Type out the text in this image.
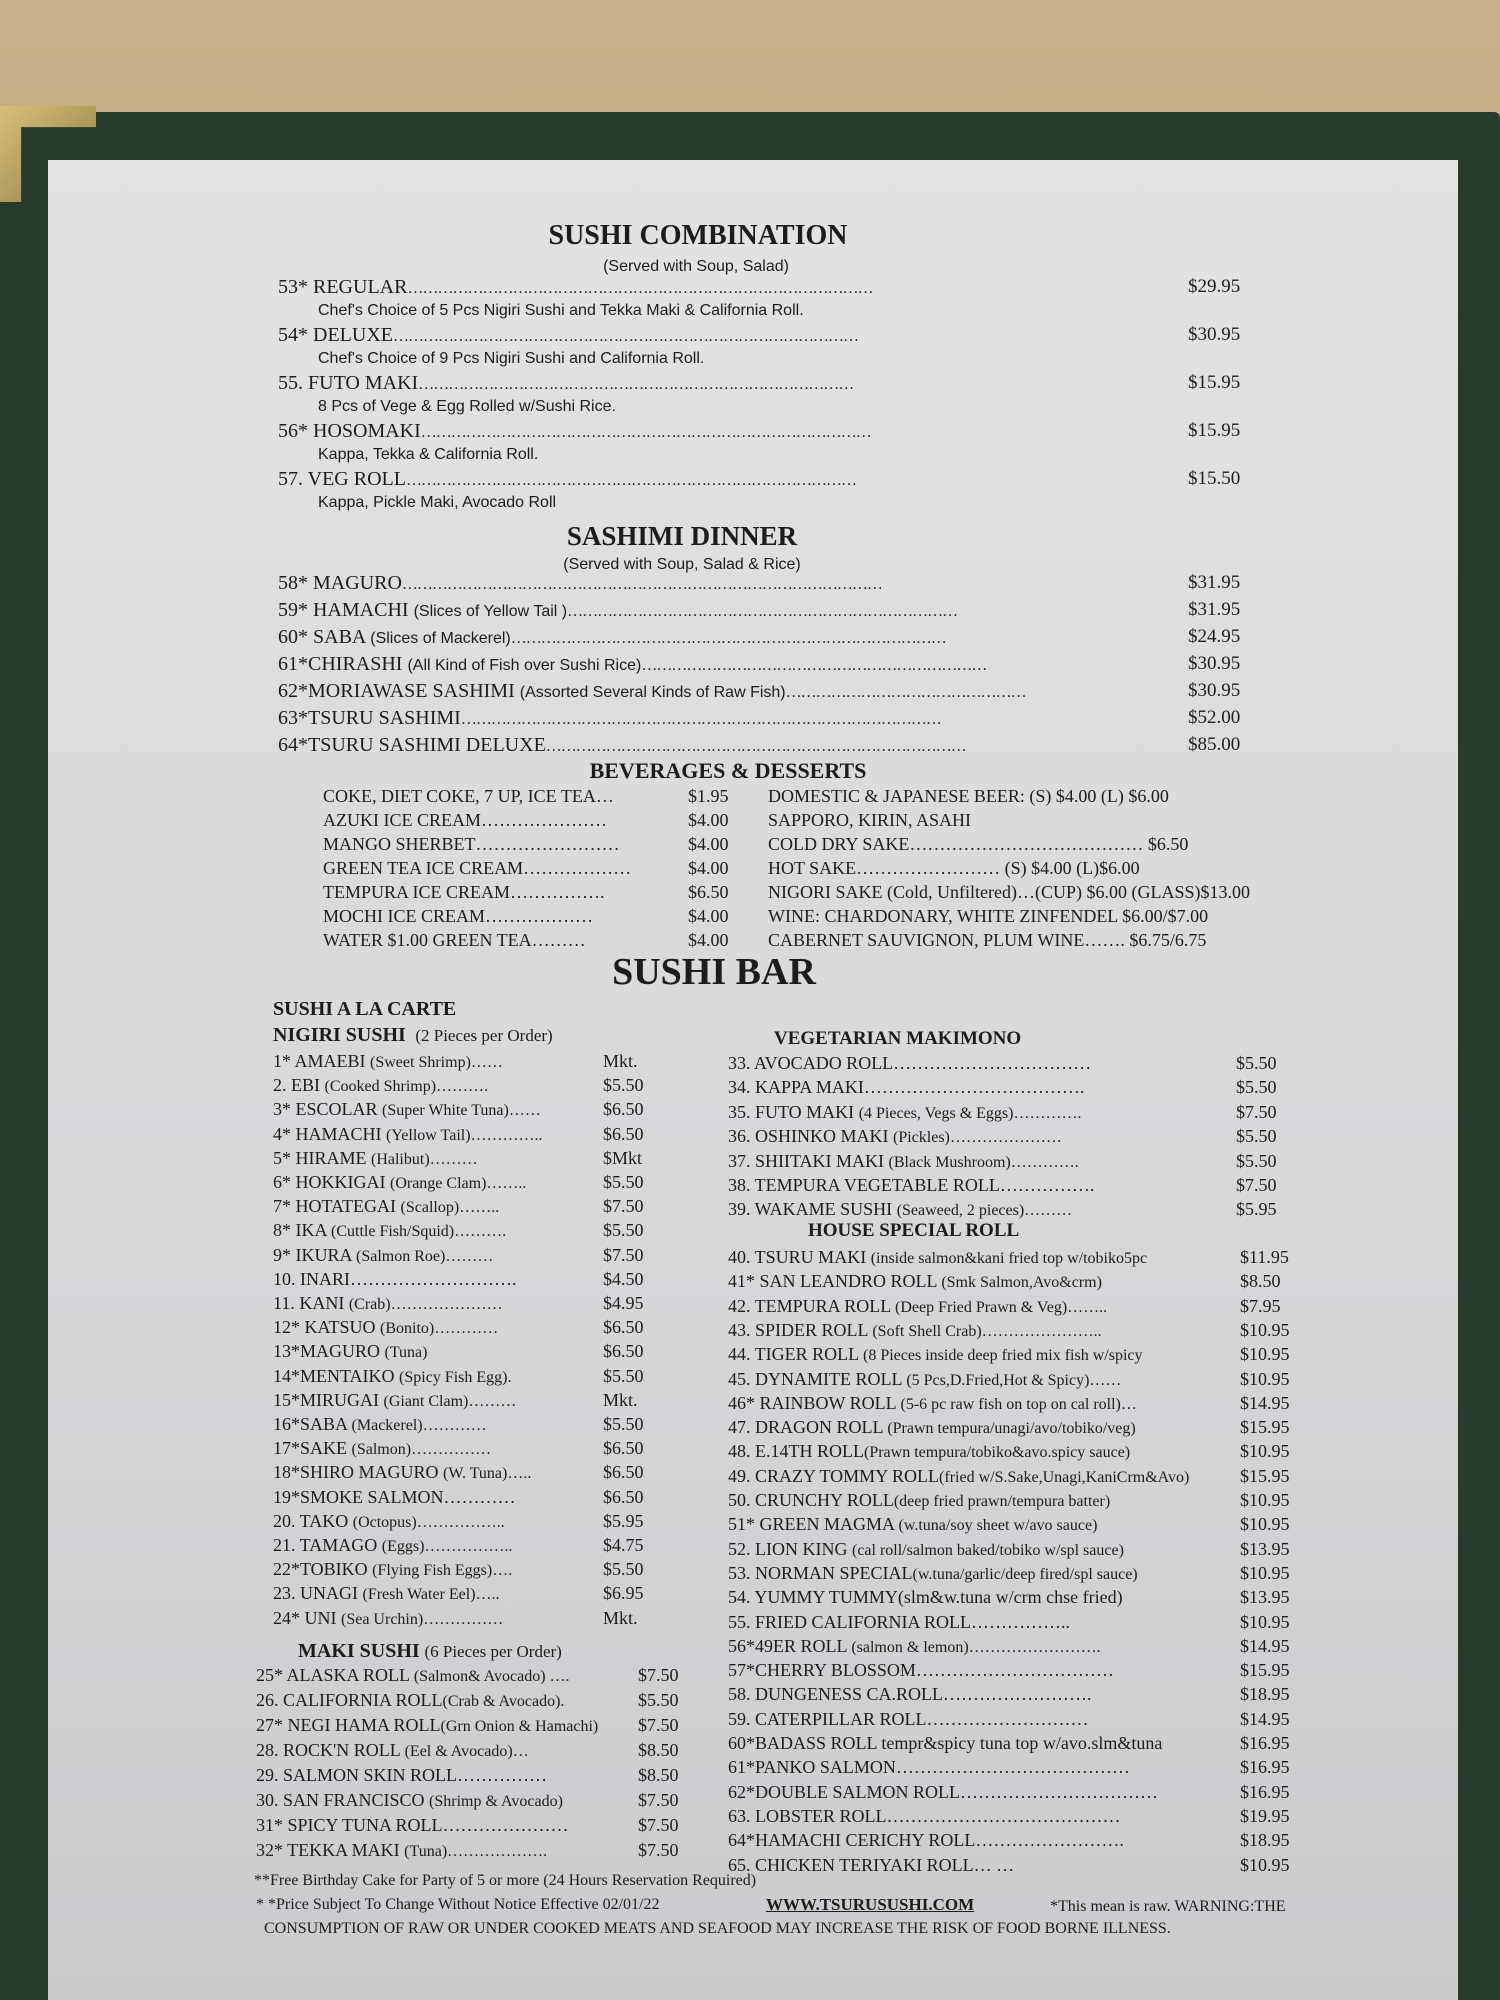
SUSHI COMBINATION
(Served with Soup, Salad)
53* REGULAR…………………………………………………………………………………	$29.95
Chef's Choice of 5 Pcs Nigiri Sushi and Tekka Maki & California Roll.
54* DELUXE…………………………………………………………………………………	$30.95
Chef's Choice of 9 Pcs Nigiri Sushi and California Roll.
55. FUTO MAKI……………………………………………………………………………	$15.95
8 Pcs of Vege & Egg Rolled w/Sushi Rice.
56* HOSOMAKI………………………………………………………………………………	$15.95
Kappa, Tekka & California Roll.
57. VEG ROLL………………………………………………………………………………	$15.50
Kappa, Pickle Maki, Avocado Roll
SASHIMI DINNER
(Served with Soup, Salad & Rice)
58* MAGURO……………………………………………………………………………………	$31.95
59* HAMACHI (Slices of Yellow Tail )……………………………………………………………………	$31.95
60* SABA (Slices of Mackerel)……………………………………………………………………………	$24.95
61*CHIRASHI (All Kind of Fish over Sushi Rice)……………………………………………………………	$30.95
62*MORIAWASE SASHIMI (Assorted Several Kinds of Raw Fish)…………………………………………	$30.95
63*TSURU SASHIMI……………………………………………………………………………………	$52.00
64*TSURU SASHIMI DELUXE…………………………………………………………………………	$85.00
BEVERAGES & DESSERTS
COKE, DIET COKE, 7 UP, ICE TEA…	$1.95
AZUKI ICE CREAM…………………	$4.00
MANGO SHERBET……………………	$4.00
GREEN TEA ICE CREAM………………	$4.00
TEMPURA ICE CREAM…………….	$6.50
MOCHI ICE CREAM………………	$4.00
WATER $1.00 GREEN TEA………	$4.00
DOMESTIC & JAPANESE BEER: (S) $4.00 (L) $6.00
SAPPORO, KIRIN, ASAHI
COLD DRY SAKE………………………………… $6.50
HOT SAKE…………………… (S) $4.00 (L)$6.00
NIGORI SAKE (Cold, Unfiltered)…(CUP) $6.00 (GLASS)$13.00
WINE: CHARDONARY, WHITE ZINFENDEL $6.00/$7.00
CABERNET SAUVIGNON, PLUM WINE……. $6.75/6.75
SUSHI BAR
SUSHI A LA CARTE
NIGIRI SUSHI (2 Pieces per Order)
1* AMAEBI (Sweet Shrimp)……	Mkt.
2. EBI (Cooked Shrimp)……….	$5.50
3* ESCOLAR (Super White Tuna)……	$6.50
4* HAMACHI (Yellow Tail)…………..	$6.50
5* HIRAME (Halibut)………	$Mkt
6* HOKKIGAI (Orange Clam)……..	$5.50
7* HOTATEGAI (Scallop)……..	$7.50
8* IKA (Cuttle Fish/Squid)……….	$5.50
9* IKURA (Salmon Roe)………	$7.50
10. INARI……………………….	$4.50
11. KANI (Crab)…………………	$4.95
12* KATSUO (Bonito)…………	$6.50
13*MAGURO (Tuna)	$6.50
14*MENTAIKO (Spicy Fish Egg).	$5.50
15*MIRUGAI (Giant Clam)………	Mkt.
16*SABA (Mackerel)…………	$5.50
17*SAKE (Salmon)……………	$6.50
18*SHIRO MAGURO (W. Tuna)…..	$6.50
19*SMOKE SALMON…………	$6.50
20. TAKO (Octopus)……………..	$5.95
21. TAMAGO (Eggs)……………..	$4.75
22*TOBIKO (Flying Fish Eggs)….	$5.50
23. UNAGI (Fresh Water Eel)…..	$6.95
24* UNI (Sea Urchin)……………	Mkt.
MAKI SUSHI (6 Pieces per Order)
25* ALASKA ROLL (Salmon& Avocado) ….	$7.50
26. CALIFORNIA ROLL(Crab & Avocado).	$5.50
27* NEGI HAMA ROLL(Grn Onion & Hamachi) $7.50
28. ROCK'N ROLL (Eel & Avocado)…	$8.50
29. SALMON SKIN ROLL……………	$8.50
30. SAN FRANCISCO (Shrimp & Avocado)	$7.50
31* SPICY TUNA ROLL…………………	$7.50
32* TEKKA MAKI (Tuna)……………….	$7.50
VEGETARIAN MAKIMONO
33. AVOCADO ROLL……………………………	$5.50
34. KAPPA MAKI……………………………….	$5.50
35. FUTO MAKI (4 Pieces, Vegs & Eggs)………….	$7.50
36. OSHINKO MAKI (Pickles)…………………	$5.50
37. SHIITAKI MAKI (Black Mushroom)………….	$5.50
38. TEMPURA VEGETABLE ROLL…………….	$7.50
39. WAKAME SUSHI (Seaweed, 2 pieces)………	$5.95
HOUSE SPECIAL ROLL
40. TSURU MAKI (inside salmon&kani fried top w/tobiko5pc	$11.95
41* SAN LEANDRO ROLL (Smk Salmon,Avo&crm)	$8.50
42. TEMPURA ROLL (Deep Fried Prawn & Veg)……..	$7.95
43. SPIDER ROLL (Soft Shell Crab)…………………..	$10.95
44. TIGER ROLL (8 Pieces inside deep fried mix fish w/spicy	$10.95
45. DYNAMITE ROLL (5 Pcs,D.Fried,Hot & Spicy)……	$10.95
46* RAINBOW ROLL (5-6 pc raw fish on top on cal roll)…	$14.95
47. DRAGON ROLL (Prawn tempura/unagi/avo/tobiko/veg)	$15.95
48. E.14TH ROLL(Prawn tempura/tobiko&avo.spicy sauce)	$10.95
49. CRAZY TOMMY ROLL(fried w/S.Sake,Unagi,KaniCrm&Avo)	$15.95
50. CRUNCHY ROLL(deep fried prawn/tempura batter)	$10.95
51* GREEN MAGMA (w.tuna/soy sheet w/avo sauce)	$10.95
52. LION KING (cal roll/salmon baked/tobiko w/spl sauce)	$13.95
53. NORMAN SPECIAL(w.tuna/garlic/deep fired/spl sauce)	$10.95
54. YUMMY TUMMY(slm&w.tuna w/crm chse fried)	$13.95
55. FRIED CALIFORNIA ROLL……………..	$10.95
56*49ER ROLL (salmon & lemon)…………………….	$14.95
57*CHERRY BLOSSOM……………………………	$15.95
58. DUNGENESS CA.ROLL…………………….	$18.95
59. CATERPILLAR ROLL………………………	$14.95
60*BADASS ROLL tempr&spicy tuna top w/avo.slm&tuna	$16.95
61*PANKO SALMON…………………………………	$16.95
62*DOUBLE SALMON ROLL……………………………	$16.95
63. LOBSTER ROLL…………………………………	$19.95
64*HAMACHI CERICHY ROLL…………………….	$18.95
65. CHICKEN TERIYAKI ROLL… …	$10.95
**Free Birthday Cake for Party of 5 or more (24 Hours Reservation Required)
* *Price Subject To Change Without Notice Effective 02/01/22	WWW.TSURUSUSHI.COM	*This mean is raw. WARNING:THE
CONSUMPTION OF RAW OR UNDER COOKED MEATS AND SEAFOOD MAY INCREASE THE RISK OF FOOD BORNE ILLNESS.
